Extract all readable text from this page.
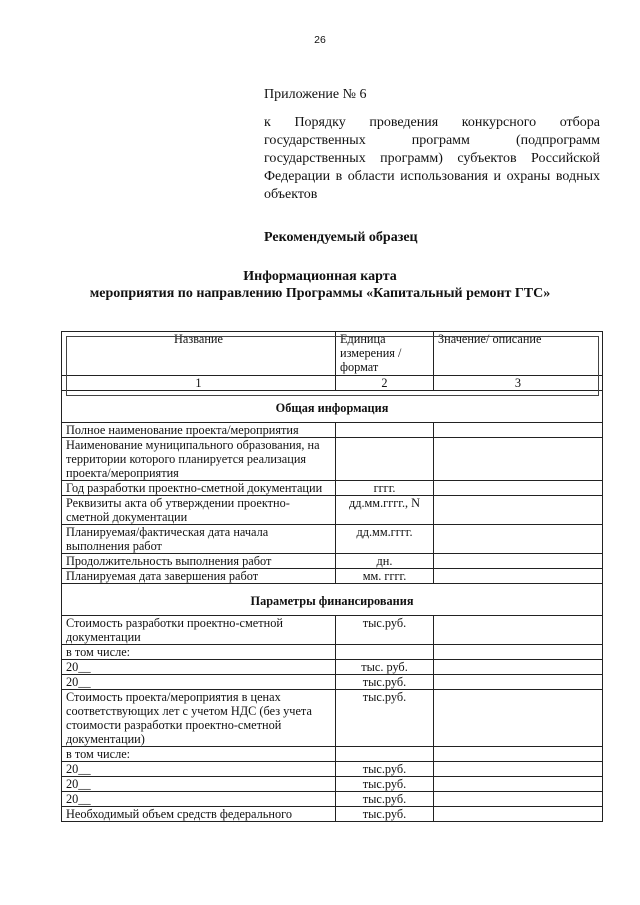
26

Приложение № 6

к Порядку проведения конкурсного отбора государственных программ (подпрограмм государственных программ) субъектов Российской Федерации в области использования и охраны водных объектов

Рекомендуемый образец
Информационная карта
мероприятия по направлению Программы «Капитальный ремонт ГТС»
Название	Единица измерения / формат	Значение/ описание
1	2	3
Общая информация		
Полное наименование проекта/мероприятия		
Наименование муниципального образования, на территории которого планируется реализация проекта/мероприятия		
Год разработки проектно-сметной документации	гггг.	
Реквизиты акта об утверждении проектно-сметной документации	дд.мм.гггг., N	
Планируемая/фактическая дата начала выполнения работ	дд.мм.гггг.	
Продолжительность выполнения работ	дн.	
Планируемая дата завершения работ	мм. гггг.	
Параметры финансирования		
Стоимость разработки проектно-сметной документации	тыс.руб.	
в том числе:		
20__	тыс. руб.	
20__	тыс.руб.	
Стоимость проекта/мероприятия в ценах соответствующих лет с учетом НДС (без учета стоимости разработки проектно-сметной документации)	тыс.руб.	
в том числе:		
20__	тыс.руб.	
20__	тыс.руб.	
20__	тыс.руб.	
Необходимый объем средств федерального	тыс.руб.	
